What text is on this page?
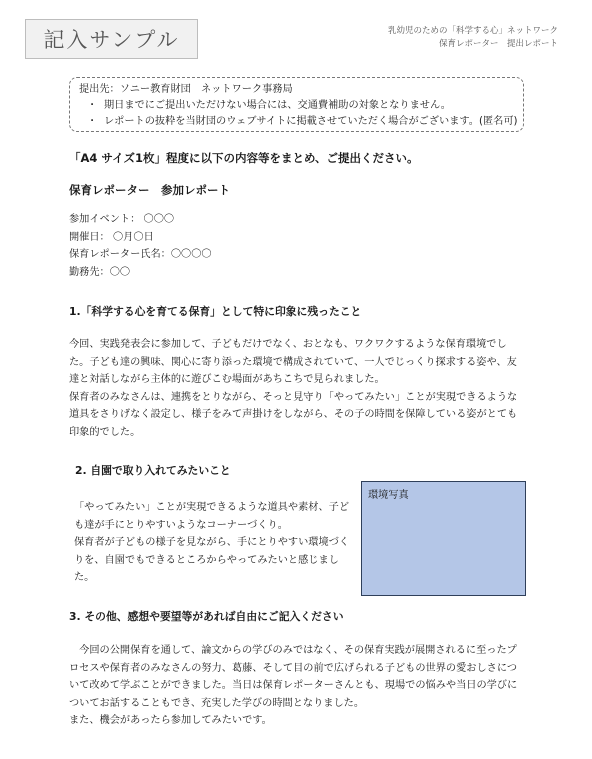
記入サンプル	乳幼児のための「科学する心」ネットワーク
保育レポーター　提出レポート
提出先：ソニー教育財団　ネットワーク事務局
・ 期日までにご提出いただけない場合には、交通費補助の対象となりません。
・ レポートの抜粋を当財団のウェブサイトに掲載させていただく場合がございます。(匿名可)
「A4 サイズ1枚」程度に以下の内容等をまとめ、ご提出ください。
保育レポーター　参加レポート
参加イベント： 〇〇〇
開催日： 〇月〇日
保育レポーター氏名：〇〇〇〇
勤務先：〇〇
1.「科学する心を育てる保育」として特に印象に残ったこと
今回、実践発表会に参加して、子どもだけでなく、おとなも、ワクワクするような保育環境でした。子ども達の興味、関心に寄り添った環境で構成されていて、一人でじっくり探求する姿や、友達と対話しながら主体的に遊びこむ場面があちこちで見られました。
保育者のみなさんは、連携をとりながら、そっと見守り「やってみたい」ことが実現できるような道具をさりげなく設定し、様子をみて声掛けをしながら、その子の時間を保障している姿がとても印象的でした。
2. 自園で取り入れてみたいこと
「やってみたい」ことが実現できるような道具や素材、子ども達が手にとりやすいようなコーナーづくり。
保育者が子どもの様子を見ながら、手にとりやすい環境づくりを、自園でもできるところからやってみたいと感じました。
環境写真
3. その他、感想や要望等があれば自由にご記入ください
　今回の公開保育を通して、論文からの学びのみではなく、その保育実践が展開されるに至ったプロセスや保育者のみなさんの努力、葛藤、そして目の前で広げられる子どもの世界の愛おしさについて改めて学ぶことができました。当日は保育レポーターさんとも、現場での悩みや当日の学びについてお話することもでき、充実した学びの時間となりました。
また、機会があったら参加してみたいです。
